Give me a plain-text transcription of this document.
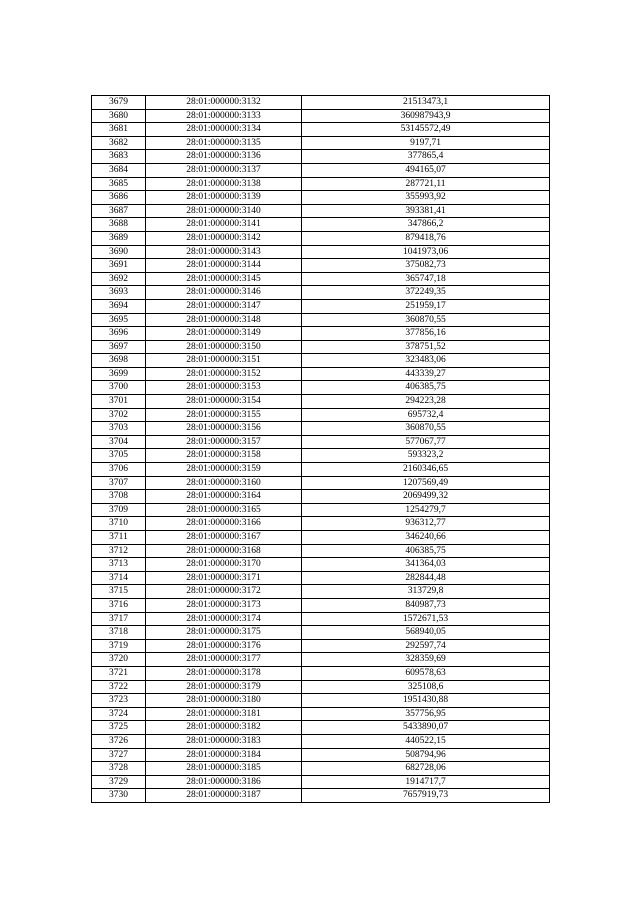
3679	28:01:000000:3132	21513473,1
3680	28:01:000000:3133	360987943,9
3681	28:01:000000:3134	53145572,49
3682	28:01:000000:3135	9197,71
3683	28:01:000000:3136	377865,4
3684	28:01:000000:3137	494165,07
3685	28:01:000000:3138	287721,11
3686	28:01:000000:3139	355993,92
3687	28:01:000000:3140	393381,41
3688	28:01:000000:3141	347866,2
3689	28:01:000000:3142	879418,76
3690	28:01:000000:3143	1041973,06
3691	28:01:000000:3144	375082,73
3692	28:01:000000:3145	365747,18
3693	28:01:000000:3146	372249,35
3694	28:01:000000:3147	251959,17
3695	28:01:000000:3148	360870,55
3696	28:01:000000:3149	377856,16
3697	28:01:000000:3150	378751,52
3698	28:01:000000:3151	323483,06
3699	28:01:000000:3152	443339,27
3700	28:01:000000:3153	406385,75
3701	28:01:000000:3154	294223,28
3702	28:01:000000:3155	695732,4
3703	28:01:000000:3156	360870,55
3704	28:01:000000:3157	577067,77
3705	28:01:000000:3158	593323,2
3706	28:01:000000:3159	2160346,65
3707	28:01:000000:3160	1207569,49
3708	28:01:000000:3164	2069499,32
3709	28:01:000000:3165	1254279,7
3710	28:01:000000:3166	936312,77
3711	28:01:000000:3167	346240,66
3712	28:01:000000:3168	406385,75
3713	28:01:000000:3170	341364,03
3714	28:01:000000:3171	282844,48
3715	28:01:000000:3172	313729,8
3716	28:01:000000:3173	840987,73
3717	28:01:000000:3174	1572671,53
3718	28:01:000000:3175	568940,05
3719	28:01:000000:3176	292597,74
3720	28:01:000000:3177	328359,69
3721	28:01:000000:3178	609578,63
3722	28:01:000000:3179	325108,6
3723	28:01:000000:3180	1951430,88
3724	28:01:000000:3181	357756,95
3725	28:01:000000:3182	5433890,07
3726	28:01:000000:3183	440522,15
3727	28:01:000000:3184	508794,96
3728	28:01:000000:3185	682728,06
3729	28:01:000000:3186	1914717,7
3730	28:01:000000:3187	7657919,73
